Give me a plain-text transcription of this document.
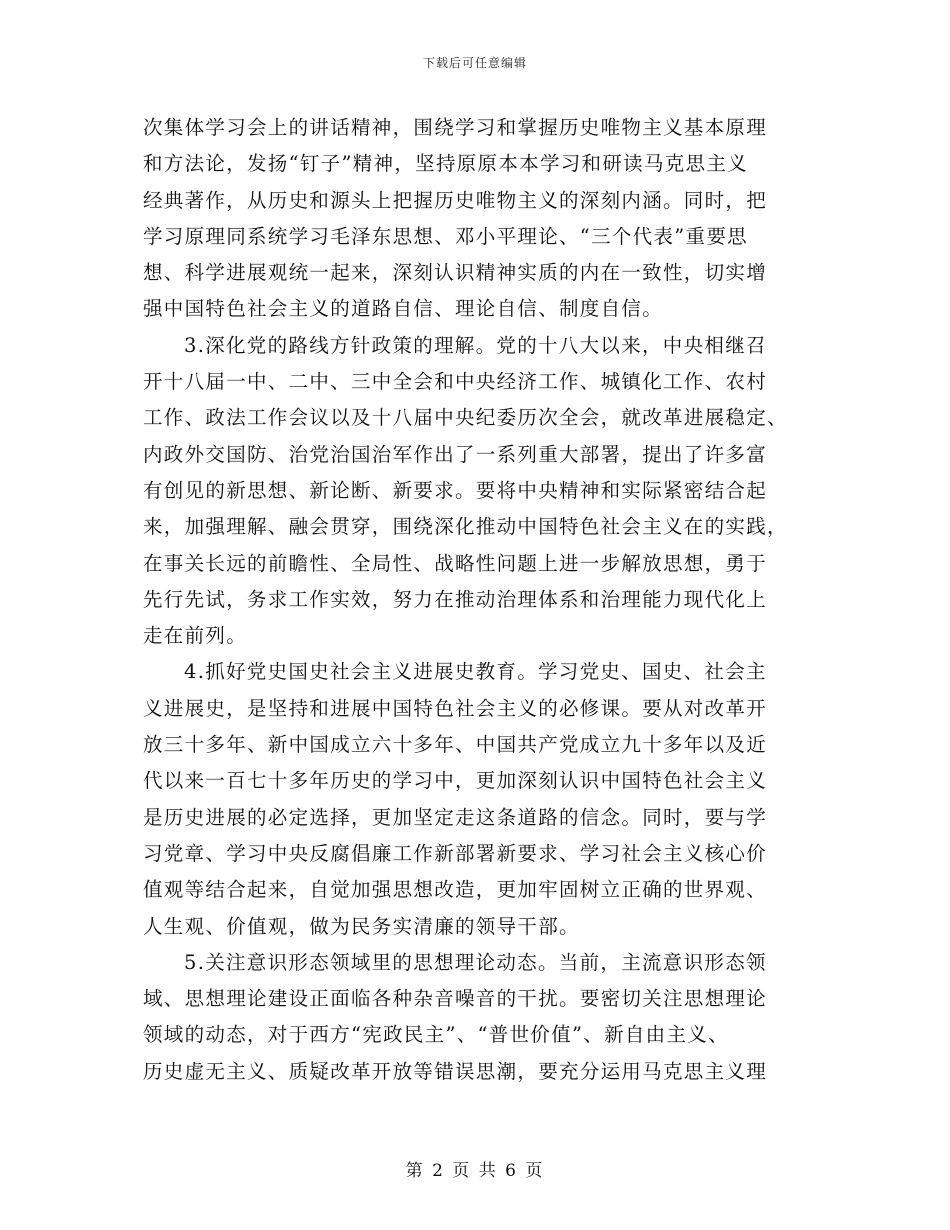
下载后可任意编辑
次集体学习会上的讲话精神，围绕学习和掌握历史唯物主义基本原理
和方法论，发扬“钉子”精神，坚持原原本本学习和研读马克思主义
经典著作，从历史和源头上把握历史唯物主义的深刻内涵。同时，把
学习原理同系统学习毛泽东思想、邓小平理论、“三个代表”重要思
想、科学进展观统一起来，深刻认识精神实质的内在一致性，切实增
强中国特色社会主义的道路自信、理论自信、制度自信。
3.深化党的路线方针政策的理解。党的十八大以来，中央相继召
开十八届一中、二中、三中全会和中央经济工作、城镇化工作、农村
工作、政法工作会议以及十八届中央纪委历次全会，就改革进展稳定、
内政外交国防、治党治国治军作出了一系列重大部署，提出了许多富
有创见的新思想、新论断、新要求。要将中央精神和实际紧密结合起
来，加强理解、融会贯穿，围绕深化推动中国特色社会主义在的实践，
在事关长远的前瞻性、全局性、战略性问题上进一步解放思想，勇于
先行先试，务求工作实效，努力在推动治理体系和治理能力现代化上
走在前列。
4.抓好党史国史社会主义进展史教育。学习党史、国史、社会主
义进展史，是坚持和进展中国特色社会主义的必修课。要从对改革开
放三十多年、新中国成立六十多年、中国共产党成立九十多年以及近
代以来一百七十多年历史的学习中，更加深刻认识中国特色社会主义
是历史进展的必定选择，更加坚定走这条道路的信念。同时，要与学
习党章、学习中央反腐倡廉工作新部署新要求、学习社会主义核心价
值观等结合起来，自觉加强思想改造，更加牢固树立正确的世界观、
人生观、价值观，做为民务实清廉的领导干部。
5.关注意识形态领域里的思想理论动态。当前，主流意识形态领
域、思想理论建设正面临各种杂音噪音的干扰。要密切关注思想理论
领域的动态，对于西方“宪政民主”、“普世价值”、新自由主义、
历史虚无主义、质疑改革开放等错误思潮，要充分运用马克思主义理
第 2 页 共 6 页
